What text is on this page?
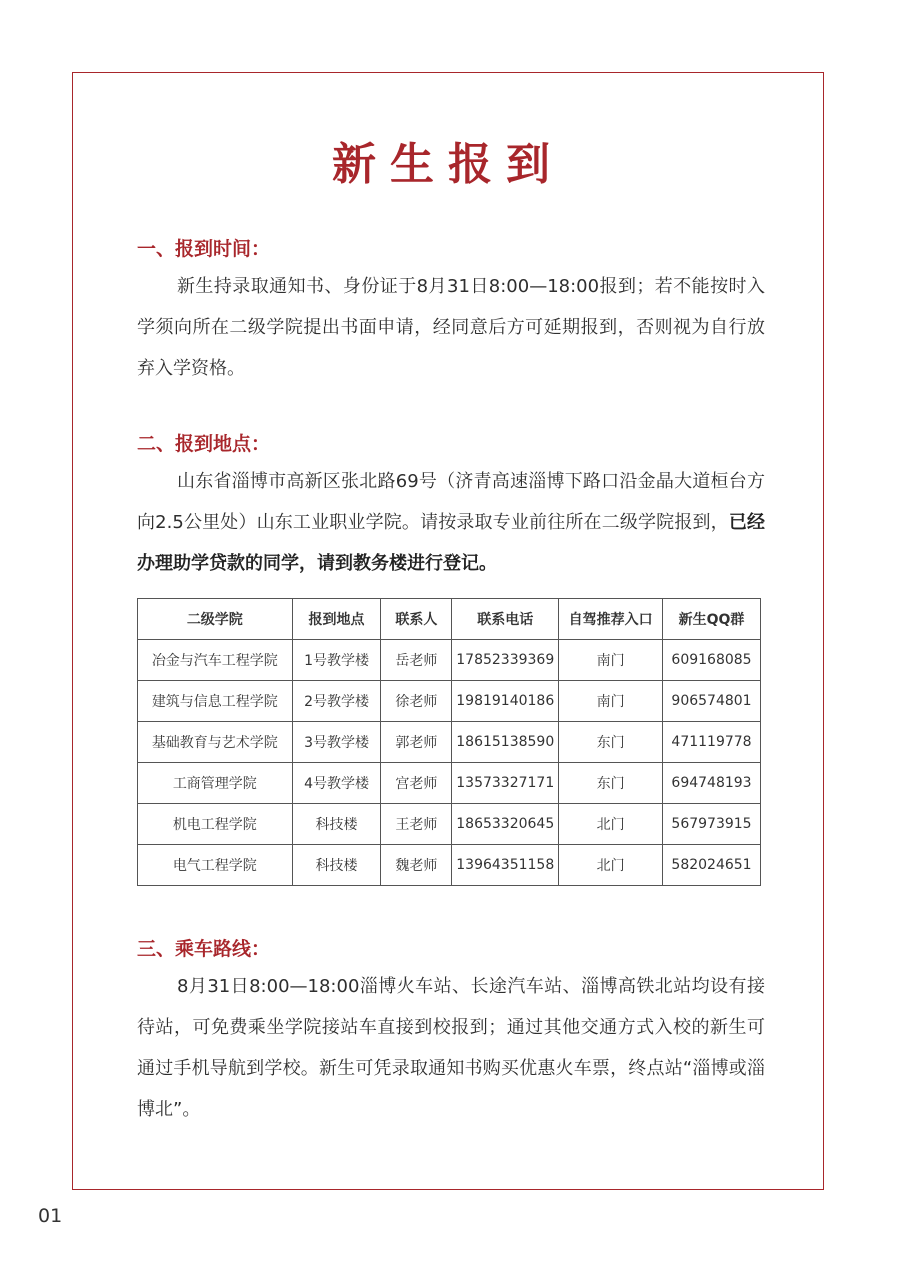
新生报到
一、报到时间：

新生持录取通知书、身份证于8月31日8:00—18:00报到；若不能按时入学须向所在二级学院提出书面申请，经同意后方可延期报到，否则视为自行放弃入学资格。

二、报到地点：

山东省淄博市高新区张北路69号（济青高速淄博下路口沿金晶大道桓台方向2.5公里处）山东工业职业学院。请按录取专业前往所在二级学院报到，已经办理助学贷款的同学，请到教务楼进行登记。

二级学院	报到地点	联系人	联系电话	自驾推荐入口	新生QQ群
冶金与汽车工程学院	1号教学楼	岳老师	17852339369	南门	609168085
建筑与信息工程学院	2号教学楼	徐老师	19819140186	南门	906574801
基础教育与艺术学院	3号教学楼	郭老师	18615138590	东门	471119778
工商管理学院	4号教学楼	宫老师	13573327171	东门	694748193
机电工程学院	科技楼	王老师	18653320645	北门	567973915
电气工程学院	科技楼	魏老师	13964351158	北门	582024651
三、乘车路线：

8月31日8:00—18:00淄博火车站、长途汽车站、淄博高铁北站均设有接待站，可免费乘坐学院接站车直接到校报到；通过其他交通方式入校的新生可通过手机导航到学校。新生可凭录取通知书购买优惠火车票，终点站“淄博或淄博北”。

01
